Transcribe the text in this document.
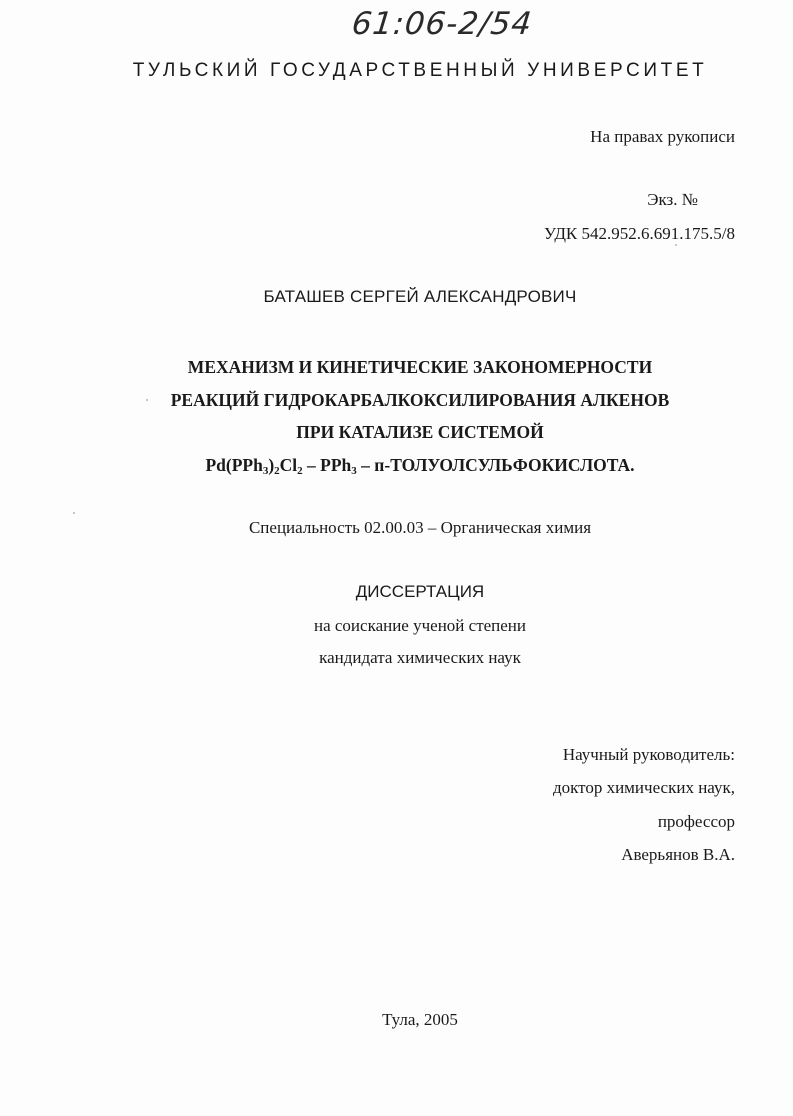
61:06-2/54
ТУЛЬСКИЙ ГОСУДАРСТВЕННЫЙ УНИВЕРСИТЕТ
На правах рукописи
Экз. №
УДК 542.952.6.691.175.5/8
БАТАШЕВ СЕРГЕЙ АЛЕКСАНДРОВИЧ
МЕХАНИЗМ И КИНЕТИЧЕСКИЕ ЗАКОНОМЕРНОСТИ
РЕАКЦИЙ ГИДРОКАРБАЛКОКСИЛИРОВАНИЯ АЛКЕНОВ
ПРИ КАТАЛИЗЕ СИСТЕМОЙ
$Pd(PPh_3)_2Cl_2 - PPh_3$ – п-ТОЛУОЛСУЛЬФОКИСЛОТА.
Специальность 02.00.03 – Органическая химия
ДИССЕРТАЦИЯ
на соискание ученой степени
кандидата химических наук
Научный руководитель:
доктор химических наук,
профессор
Аверьянов В.А.
Тула, 2005
